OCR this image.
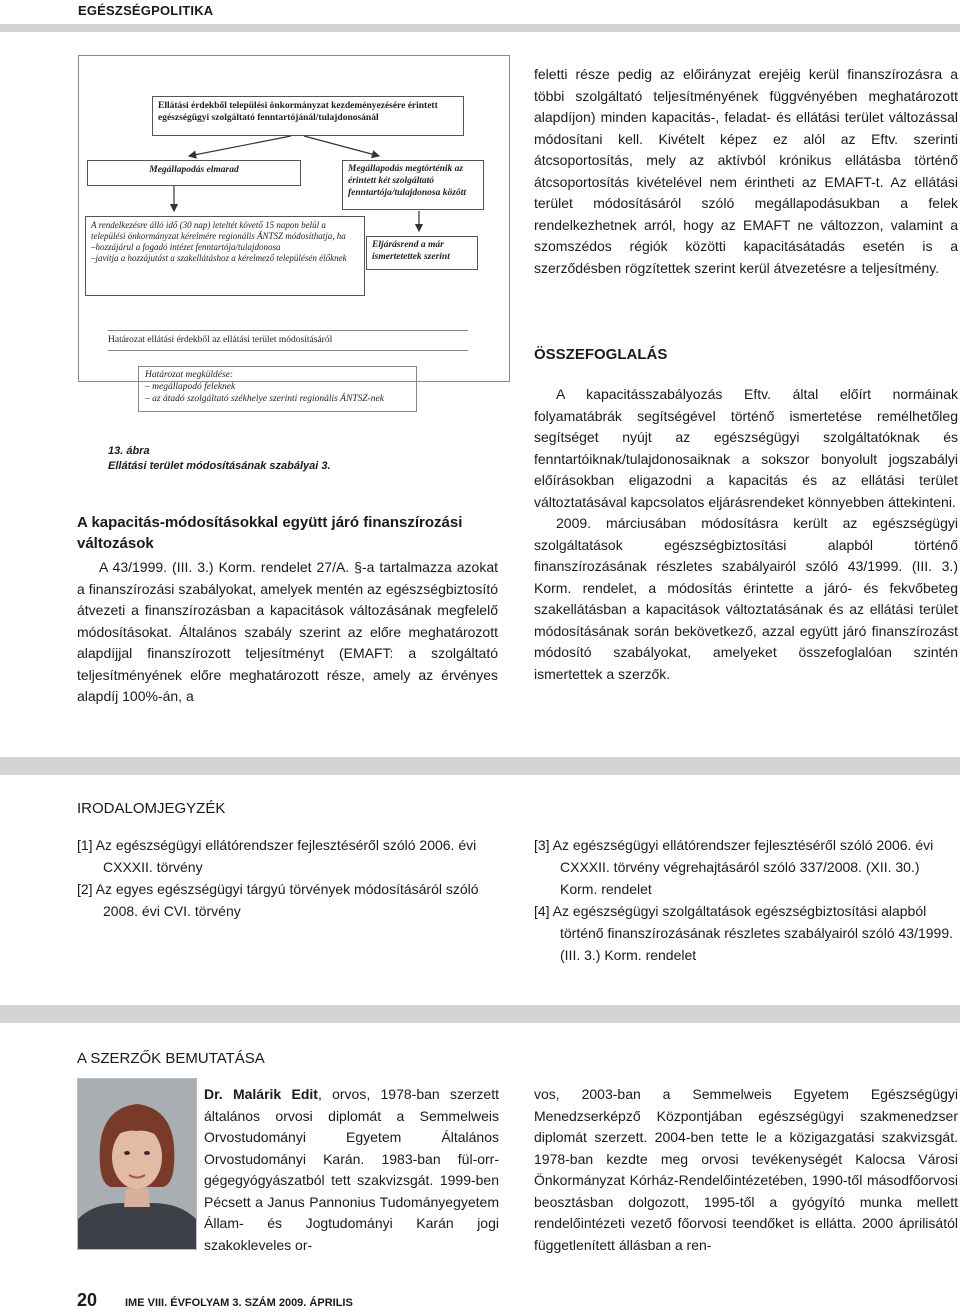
EGÉSZSÉGPOLITIKA
Ellátási érdekből települési önkormányzat kezdeményezésére érintett egészségügyi szolgáltató fenntartójánál/tulajdonosánál
Megállapodás elmarad	Megállapodás megtörténik az érintett két szolgáltató fenntartója/tulajdonosa között
A rendelkezésre álló idő (30 nap) leteltét követő 15 napon belül a települési önkormányzat kérelmére regionális ÁNTSZ módosíthatja, ha
–hozzájárul a fogadó intézet fenntartója/tulajdonosa
–javítja a hozzájutást a szakellátáshoz a kérelmező településén élőknek
Eljárásrend a már ismertetettek szerint
Határozat ellátási érdekből az ellátási terület módosításáról
Határozat megküldése:
– megállapodó feleknek
– az átadó szolgáltató székhelye szerinti regionális ÁNTSZ-nek
13. ábra
Ellátási terület módosításának szabályai 3.

A kapacitás-módosításokkal együtt járó finanszírozási változások

A 43/1999. (III. 3.) Korm. rendelet 27/A. §-a tartalmazza azokat a finanszírozási szabályokat, amelyek mentén az egészségbiztosító átvezeti a finanszírozásban a kapacitások változásának megfelelő módosításokat. Általános szabály szerint az előre meghatározott alapdíjjal finanszírozott teljesítményt (EMAFT: a szolgáltató teljesítményének előre meghatározott része, amely az érvényes alapdíj 100%-án, a

feletti része pedig az előirányzat erejéig kerül finanszírozásra a többi szolgáltató teljesítményének függvényében meghatározott alapdíjon) minden kapacitás-, feladat- és ellátási terület változással módosítani kell. Kivételt képez ez alól az Eftv. szerinti átcsoportosítás, mely az aktívból krónikus ellátásba történő átcsoportosítás kivételével nem érintheti az EMAFT-t. Az ellátási terület módosításáról szóló megállapodásukban a felek rendelkezhetnek arról, hogy az EMAFT ne változzon, valamint a szomszédos régiók közötti kapacitásátadás esetén is a szerződésben rögzítettek szerint kerül átvezetésre a teljesítmény.

ÖSSZEFOGLALÁS

A kapacitásszabályozás Eftv. által előírt normáinak folyamatábrák segítségével történő ismertetése remélhetőleg segítséget nyújt az egészségügyi szolgáltatóknak és fenntartóiknak/tulajdonosaiknak a sokszor bonyolult jogszabályi előírásokban eligazodni a kapacitás és az ellátási terület változtatásával kapcsolatos eljárásrendeket könnyebben áttekinteni.

2009. márciusában módosításra került az egészségügyi szolgáltatások egészségbiztosítási alapból történő finanszírozásának részletes szabályairól szóló 43/1999. (III. 3.) Korm. rendelet, a módosítás érintette a járó- és fekvőbeteg szakellátásban a kapacitások változtatásának és az ellátási terület módosításának során bekövetkező, azzal együtt járó finanszírozást módosító szabályokat, amelyeket összefoglalóan szintén ismertettek a szerzők.

IRODALOMJEGYZÉK

[1] Az egészségügyi ellátórendszer fejlesztéséről szóló 2006. évi CXXXII. törvény

[2] Az egyes egészségügyi tárgyú törvények módosításáról szóló 2008. évi CVI. törvény

[3] Az egészségügyi ellátórendszer fejlesztéséről szóló 2006. évi CXXXII. törvény végrehajtásáról szóló 337/2008. (XII. 30.) Korm. rendelet

[4] Az egészségügyi szolgáltatások egészségbiztosítási alapból történő finanszírozásának részletes szabályairól szóló 43/1999. (III. 3.) Korm. rendelet

A SZERZŐK BEMUTATÁSA

Dr. Malárik Edit, orvos, 1978-ban szerzett általános orvosi diplomát a Semmelweis Orvostudományi Egyetem Általános Orvostudományi Karán. 1983-ban fül-orr-gégegyógyászatból tett szakvizsgát. 1999-ben Pécsett a Janus Pannonius Tudományegyetem Állam- és Jogtudományi Karán jogi szakokleveles or-

vos, 2003-ban a Semmelweis Egyetem Egészségügyi Menedzserképző Központjában egészségügyi szakmenedzser diplomát szerzett. 2004-ben tette le a közigazgatási szakvizsgát. 1978-ban kezdte meg orvosi tevékenységét Kalocsa Városi Önkormányzat Kórház-Rendelőintézetében, 1990-től másodfőorvosi beosztásban dolgozott, 1995-től a gyógyító munka mellett rendelőintézeti vezető főorvosi teendőket is ellátta. 2000 áprilisától függetlenített állásban a ren-

20	IME VIII. ÉVFOLYAM 3. SZÁM 2009. ÁPRILIS
